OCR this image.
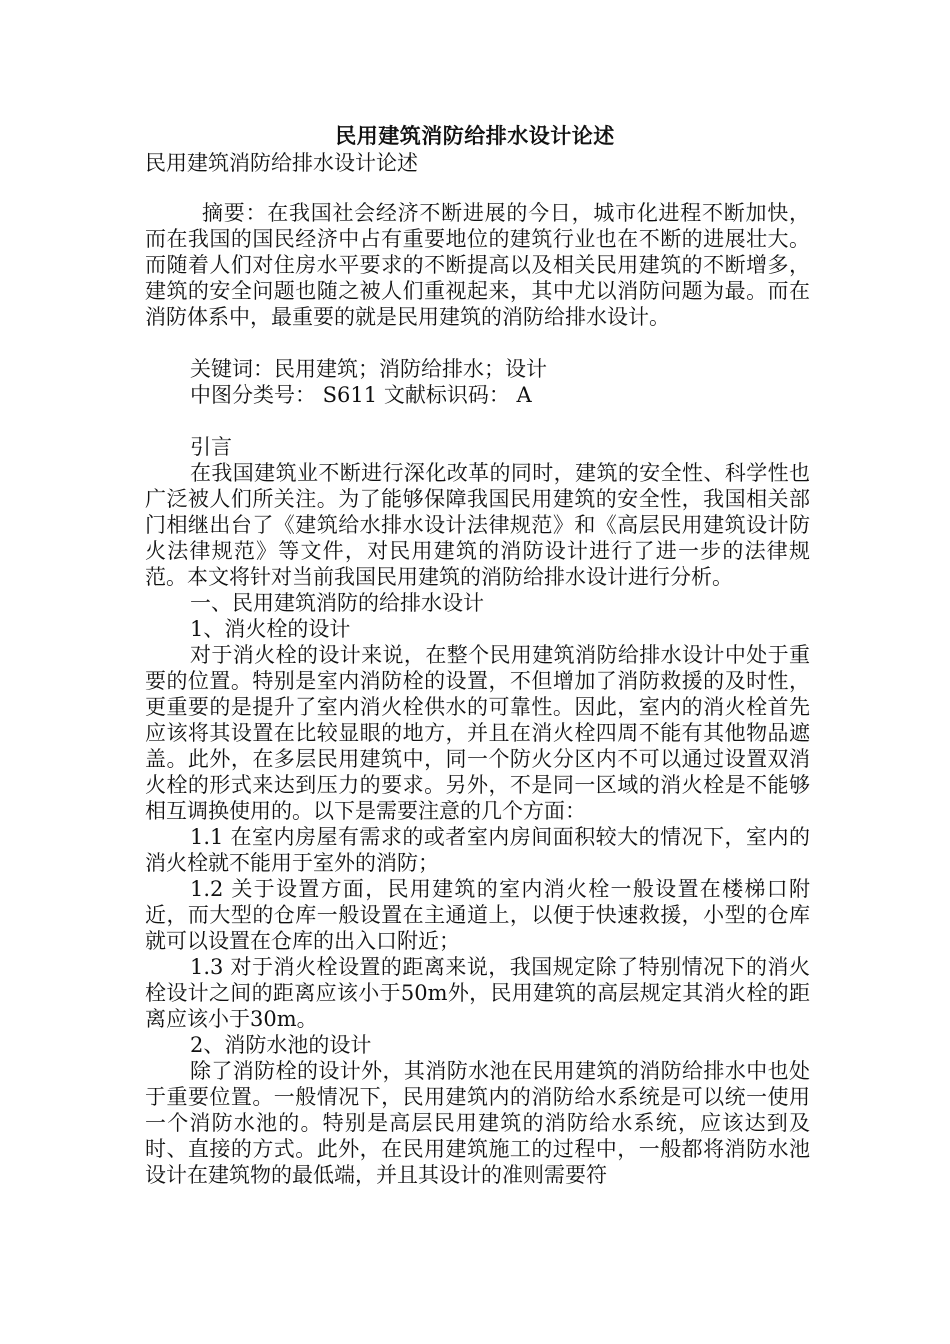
民用建筑消防给排水设计论述
民用建筑消防给排水设计论述

摘要：在我国社会经济不断进展的今日，城市化进程不断加快，而在我国的国民经济中占有重要地位的建筑行业也在不断的进展壮大。而随着人们对住房水平要求的不断提高以及相关民用建筑的不断增多，建筑的安全问题也随之被人们重视起来，其中尤以消防问题为最。而在消防体系中，最重要的就是民用建筑的消防给排水设计。

关键词：民用建筑；消防给排水；设计

中图分类号： S611 文献标识码： A

引言

在我国建筑业不断进行深化改革的同时，建筑的安全性、科学性也广泛被人们所关注。为了能够保障我国民用建筑的安全性，我国相关部门相继出台了《建筑给水排水设计法律规范》和《高层民用建筑设计防火法律规范》等文件，对民用建筑的消防设计进行了进一步的法律规范。本文将针对当前我国民用建筑的消防给排水设计进行分析。

一、民用建筑消防的给排水设计

1、消火栓的设计

对于消火栓的设计来说，在整个民用建筑消防给排水设计中处于重要的位置。特别是室内消防栓的设置，不但增加了消防救援的及时性，更重要的是提升了室内消火栓供水的可靠性。因此，室内的消火栓首先应该将其设置在比较显眼的地方，并且在消火栓四周不能有其他物品遮盖。此外，在多层民用建筑中，同一个防火分区内不可以通过设置双消火栓的形式来达到压力的要求。另外，不是同一区域的消火栓是不能够相互调换使用的。以下是需要注意的几个方面：

1.1 在室内房屋有需求的或者室内房间面积较大的情况下，室内的消火栓就不能用于室外的消防；

1.2 关于设置方面，民用建筑的室内消火栓一般设置在楼梯口附近，而大型的仓库一般设置在主通道上，以便于快速救援，小型的仓库就可以设置在仓库的出入口附近；

1.3 对于消火栓设置的距离来说，我国规定除了特别情况下的消火栓设计之间的距离应该小于50m外，民用建筑的高层规定其消火栓的距离应该小于30m。

2、消防水池的设计

除了消防栓的设计外，其消防水池在民用建筑的消防给排水中也处于重要位置。一般情况下，民用建筑内的消防给水系统是可以统一使用一个消防水池的。特别是高层民用建筑的消防给水系统，应该达到及时、直接的方式。此外，在民用建筑施工的过程中，一般都将消防水池设计在建筑物的最低端，并且其设计的准则需要符
